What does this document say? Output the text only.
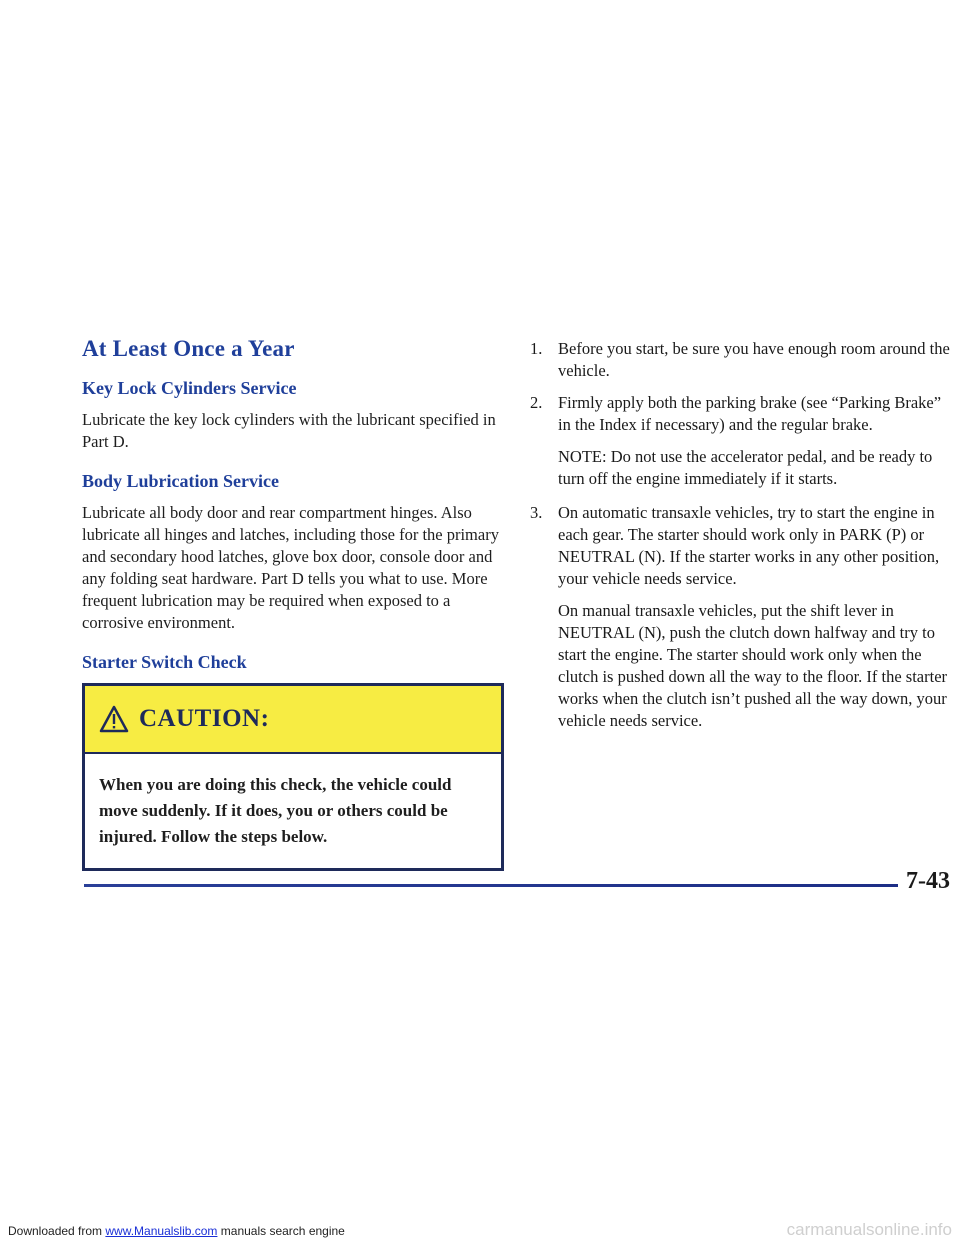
At Least Once a Year
Key Lock Cylinders Service

Lubricate the key lock cylinders with the lubricant specified in Part D.

Body Lubrication Service

Lubricate all body door and rear compartment hinges. Also lubricate all hinges and latches, including those for the primary and secondary hood latches, glove box door, console door and any folding seat hardware. Part D tells you what to use. More frequent lubrication may be required when exposed to a corrosive environment.

Starter Switch Check
CAUTION:
When you are doing this check, the vehicle could move suddenly. If it does, you or others could be injured. Follow the steps below.
1. Before you start, be sure you have enough room around the vehicle.
2. Firmly apply both the parking brake (see “Parking Brake” in the Index if necessary) and the regular brake.
NOTE: Do not use the accelerator pedal, and be ready to turn off the engine immediately if it starts.
3. On automatic transaxle vehicles, try to start the engine in each gear. The starter should work only in PARK (P) or NEUTRAL (N). If the starter works in any other position, your vehicle needs service.
On manual transaxle vehicles, put the shift lever in NEUTRAL (N), push the clutch down halfway and try to start the engine. The starter should work only when the clutch is pushed down all the way to the floor. If the starter works when the clutch isn’t pushed all the way down, your vehicle needs service.
7-43
Downloaded from www.Manualslib.com manuals search engine	carmanualsonline.info
